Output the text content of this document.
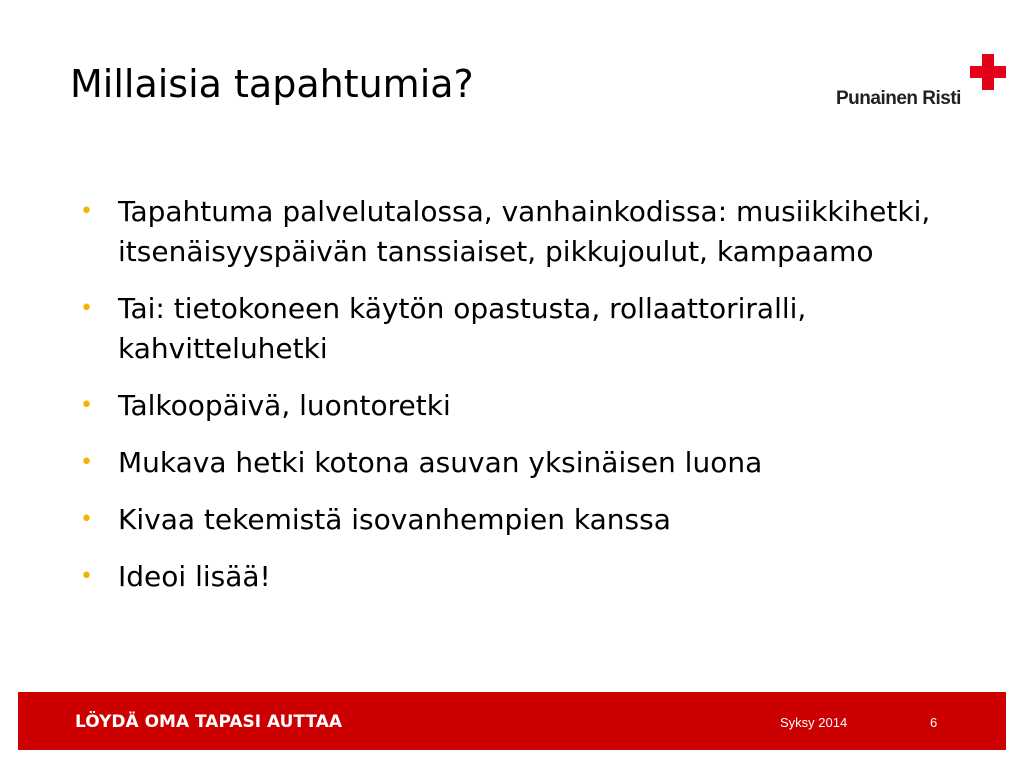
Millaisia tapahtumia?	Punainen Risti
• Tapahtuma palvelutalossa, vanhainkodissa: musiikkihetki, itsenäisyyspäivän tanssiaiset, pikkujoulut, kampaamo
• Tai: tietokoneen käytön opastusta, rollaattoriralli, kahvitteluhetki
• Talkoopäivä, luontoretki
• Mukava hetki kotona asuvan yksinäisen luona
• Kivaa tekemistä isovanhempien kanssa
• Ideoi lisää!
LÖYDÄ OMA TAPASI AUTTAA	Syksy 2014	6
